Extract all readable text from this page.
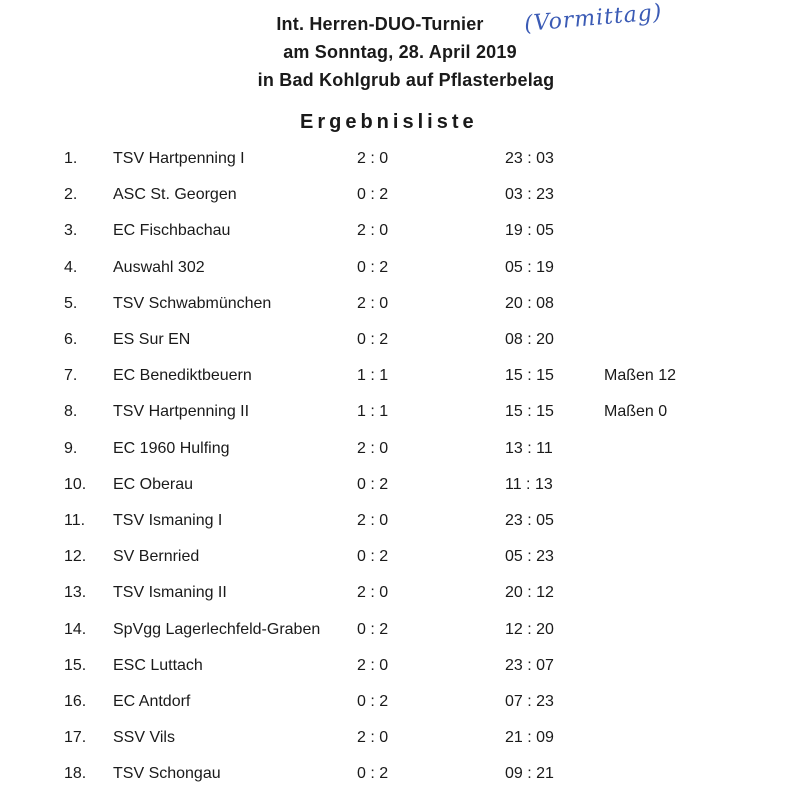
Int. Herren-DUO-Turnier	(Vormittag)
am Sonntag, 28. April 2019
in Bad Kohlgrub auf Pflasterbelag
Ergebnisliste
1. TSV Hartpenning I	2 : 0	23 : 03
2. ASC St. Georgen	0 : 2	03 : 23
3. EC Fischbachau	2 : 0	19 : 05
4. Auswahl 302	0 : 2	05 : 19
5. TSV Schwabmünchen	2 : 0	20 : 08
6. ES Sur EN	0 : 2	08 : 20
7. EC Benediktbeuern	1 : 1	15 : 15	Maßen 12
8. TSV Hartpenning II	1 : 1	15 : 15	Maßen 0
9. EC 1960 Hulfing	2 : 0	13 : 11
10. EC Oberau	0 : 2	11 : 13
11. TSV Ismaning I	2 : 0	23 : 05
12. SV Bernried	0 : 2	05 : 23
13. TSV Ismaning II	2 : 0	20 : 12
14. SpVgg Lagerlechfeld-Graben 0 : 2	12 : 20
15. ESC Luttach	2 : 0	23 : 07
16. EC Antdorf	0 : 2	07 : 23
17. SSV Vils	2 : 0	21 : 09
18. TSV Schongau	0 : 2	09 : 21
